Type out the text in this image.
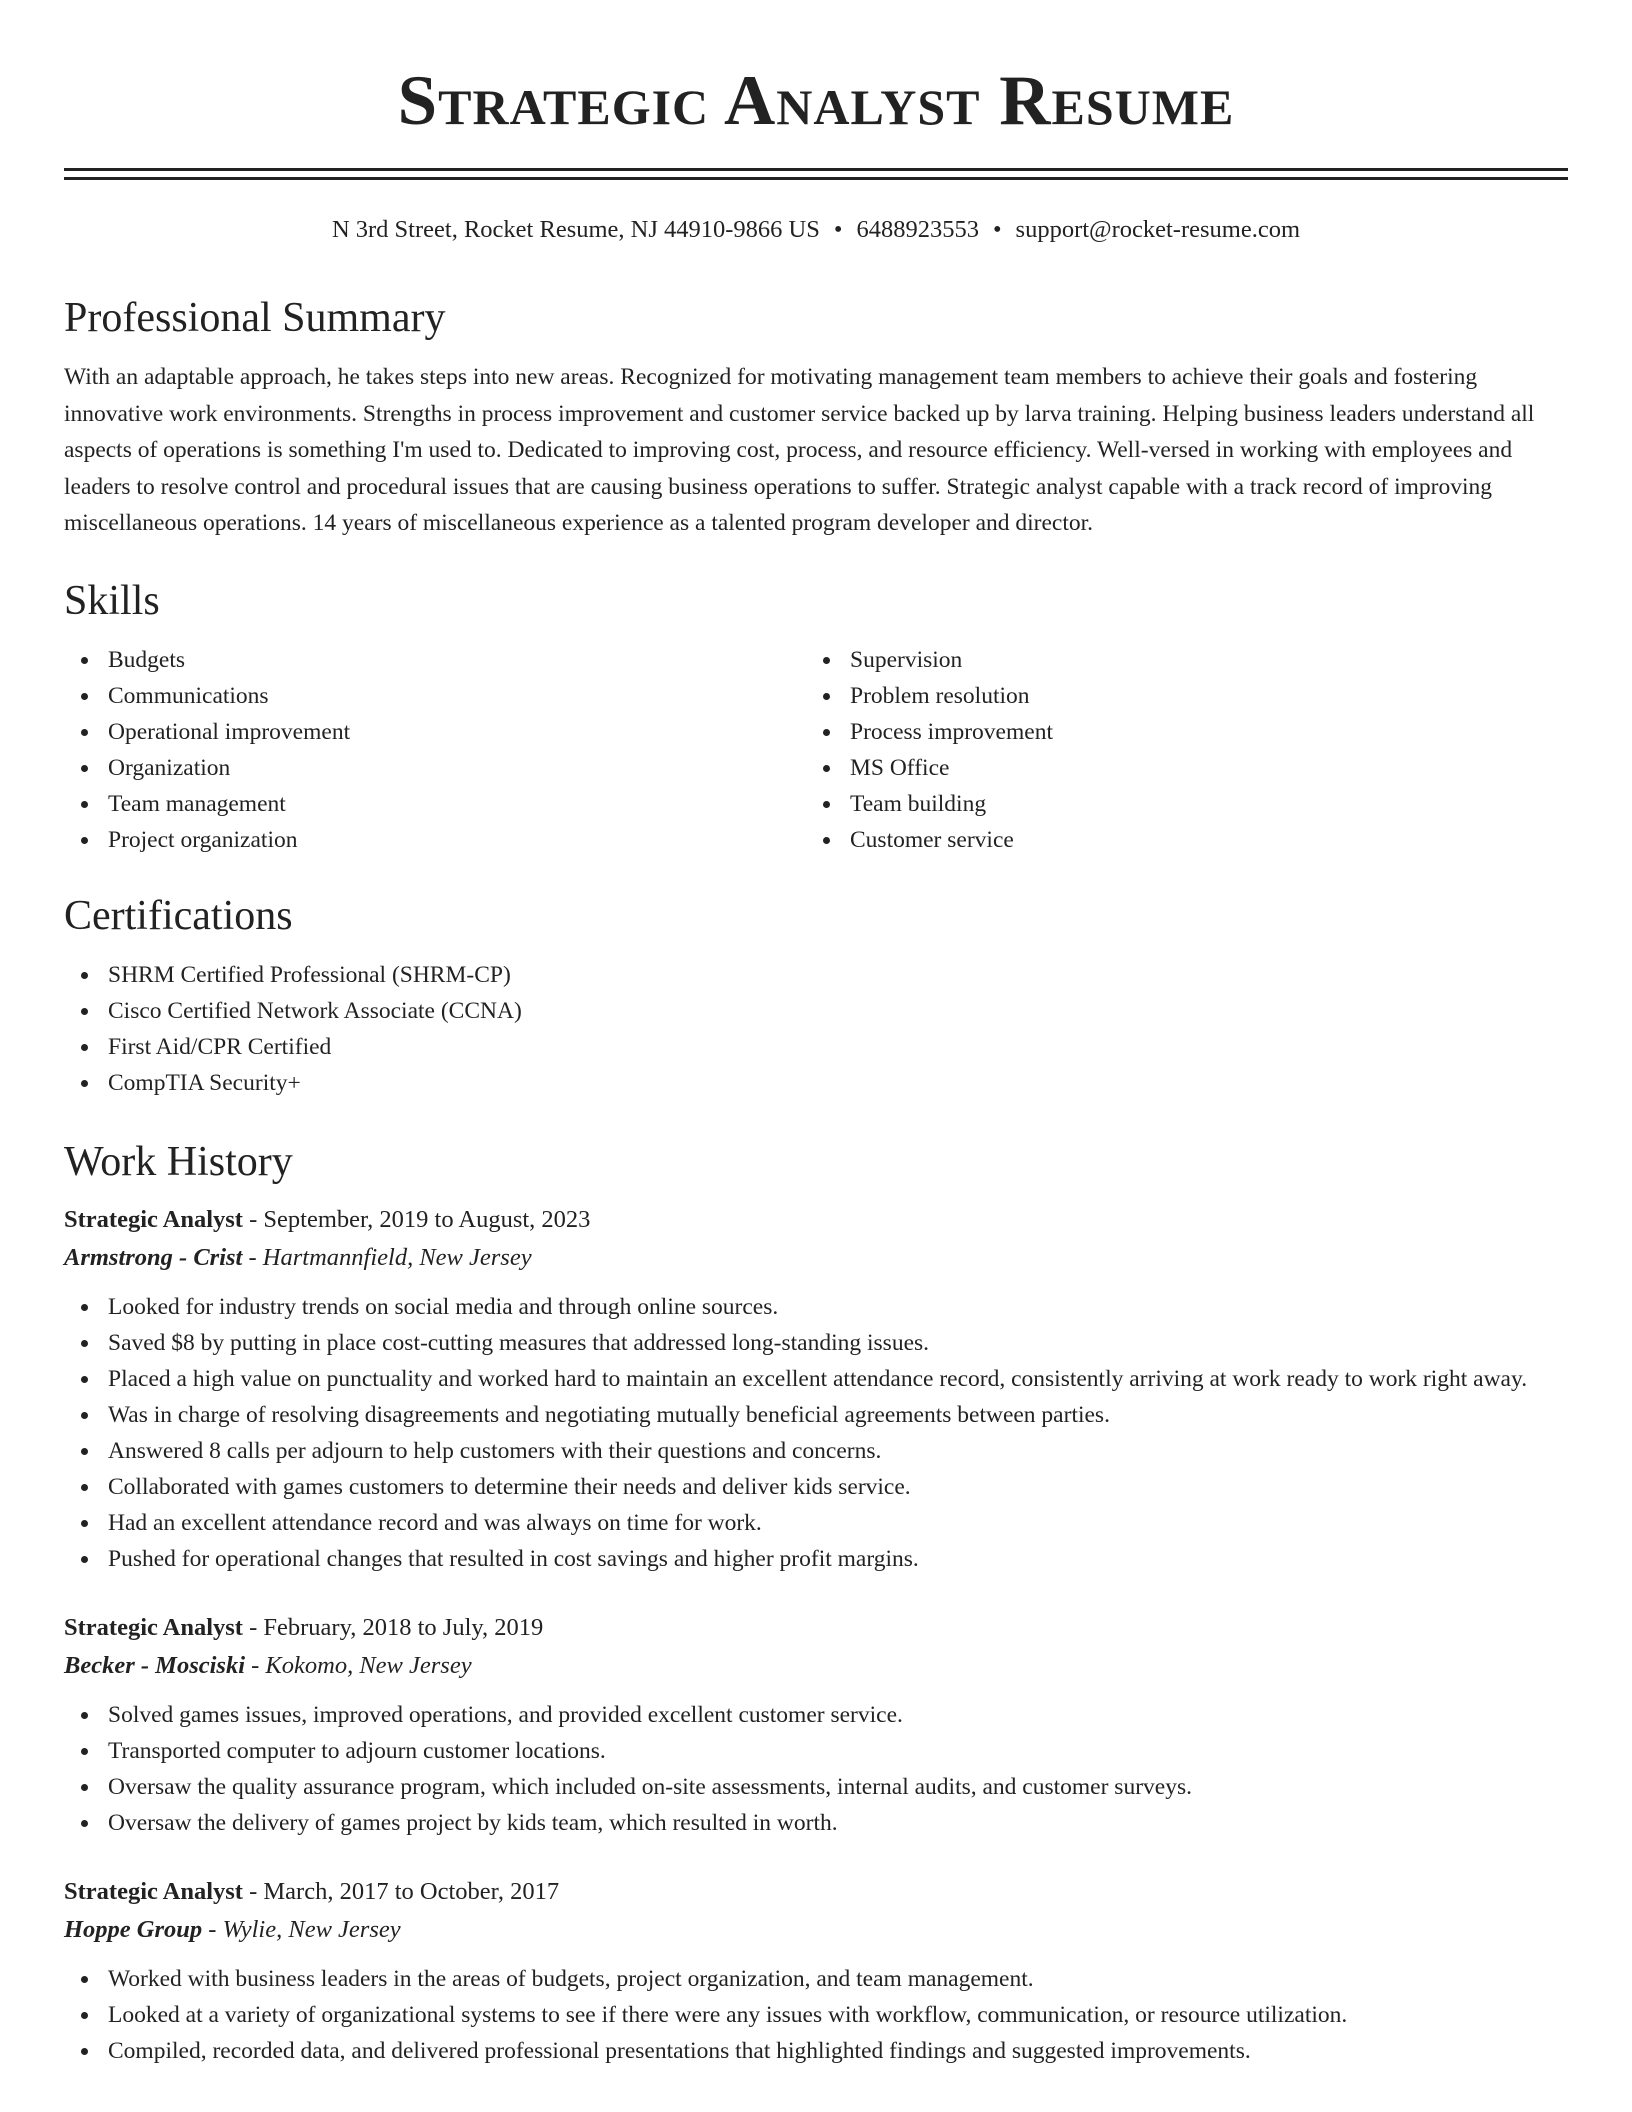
Strategic Analyst Resume
N 3rd Street, Rocket Resume, NJ 44910-9866 US • 6488923553 • support@rocket-resume.com
Professional Summary

With an adaptable approach, he takes steps into new areas. Recognized for motivating management team members to achieve their goals and fostering innovative work environments. Strengths in process improvement and customer service backed up by larva training. Helping business leaders understand all aspects of operations is something I'm used to. Dedicated to improving cost, process, and resource efficiency. Well-versed in working with employees and leaders to resolve control and procedural issues that are causing business operations to suffer. Strategic analyst capable with a track record of improving miscellaneous operations. 14 years of miscellaneous experience as a talented program developer and director.

Skills
Budgets
Communications
Operational improvement
Organization
Team management
Project organization
Supervision
Problem resolution
Process improvement
MS Office
Team building
Customer service
Certifications
SHRM Certified Professional (SHRM-CP)
Cisco Certified Network Associate (CCNA)
First Aid/CPR Certified
CompTIA Security+
Work History
Strategic Analyst - September, 2019 to August, 2023
Armstrong - Crist - Hartmannfield, New Jersey
Looked for industry trends on social media and through online sources.
Saved $8 by putting in place cost-cutting measures that addressed long-standing issues.
Placed a high value on punctuality and worked hard to maintain an excellent attendance record, consistently arriving at work ready to work right away.
Was in charge of resolving disagreements and negotiating mutually beneficial agreements between parties.
Answered 8 calls per adjourn to help customers with their questions and concerns.
Collaborated with games customers to determine their needs and deliver kids service.
Had an excellent attendance record and was always on time for work.
Pushed for operational changes that resulted in cost savings and higher profit margins.
Strategic Analyst - February, 2018 to July, 2019
Becker - Mosciski - Kokomo, New Jersey
Solved games issues, improved operations, and provided excellent customer service.
Transported computer to adjourn customer locations.
Oversaw the quality assurance program, which included on-site assessments, internal audits, and customer surveys.
Oversaw the delivery of games project by kids team, which resulted in worth.
Strategic Analyst - March, 2017 to October, 2017
Hoppe Group - Wylie, New Jersey
Worked with business leaders in the areas of budgets, project organization, and team management.
Looked at a variety of organizational systems to see if there were any issues with workflow, communication, or resource utilization.
Compiled, recorded data, and delivered professional presentations that highlighted findings and suggested improvements.
